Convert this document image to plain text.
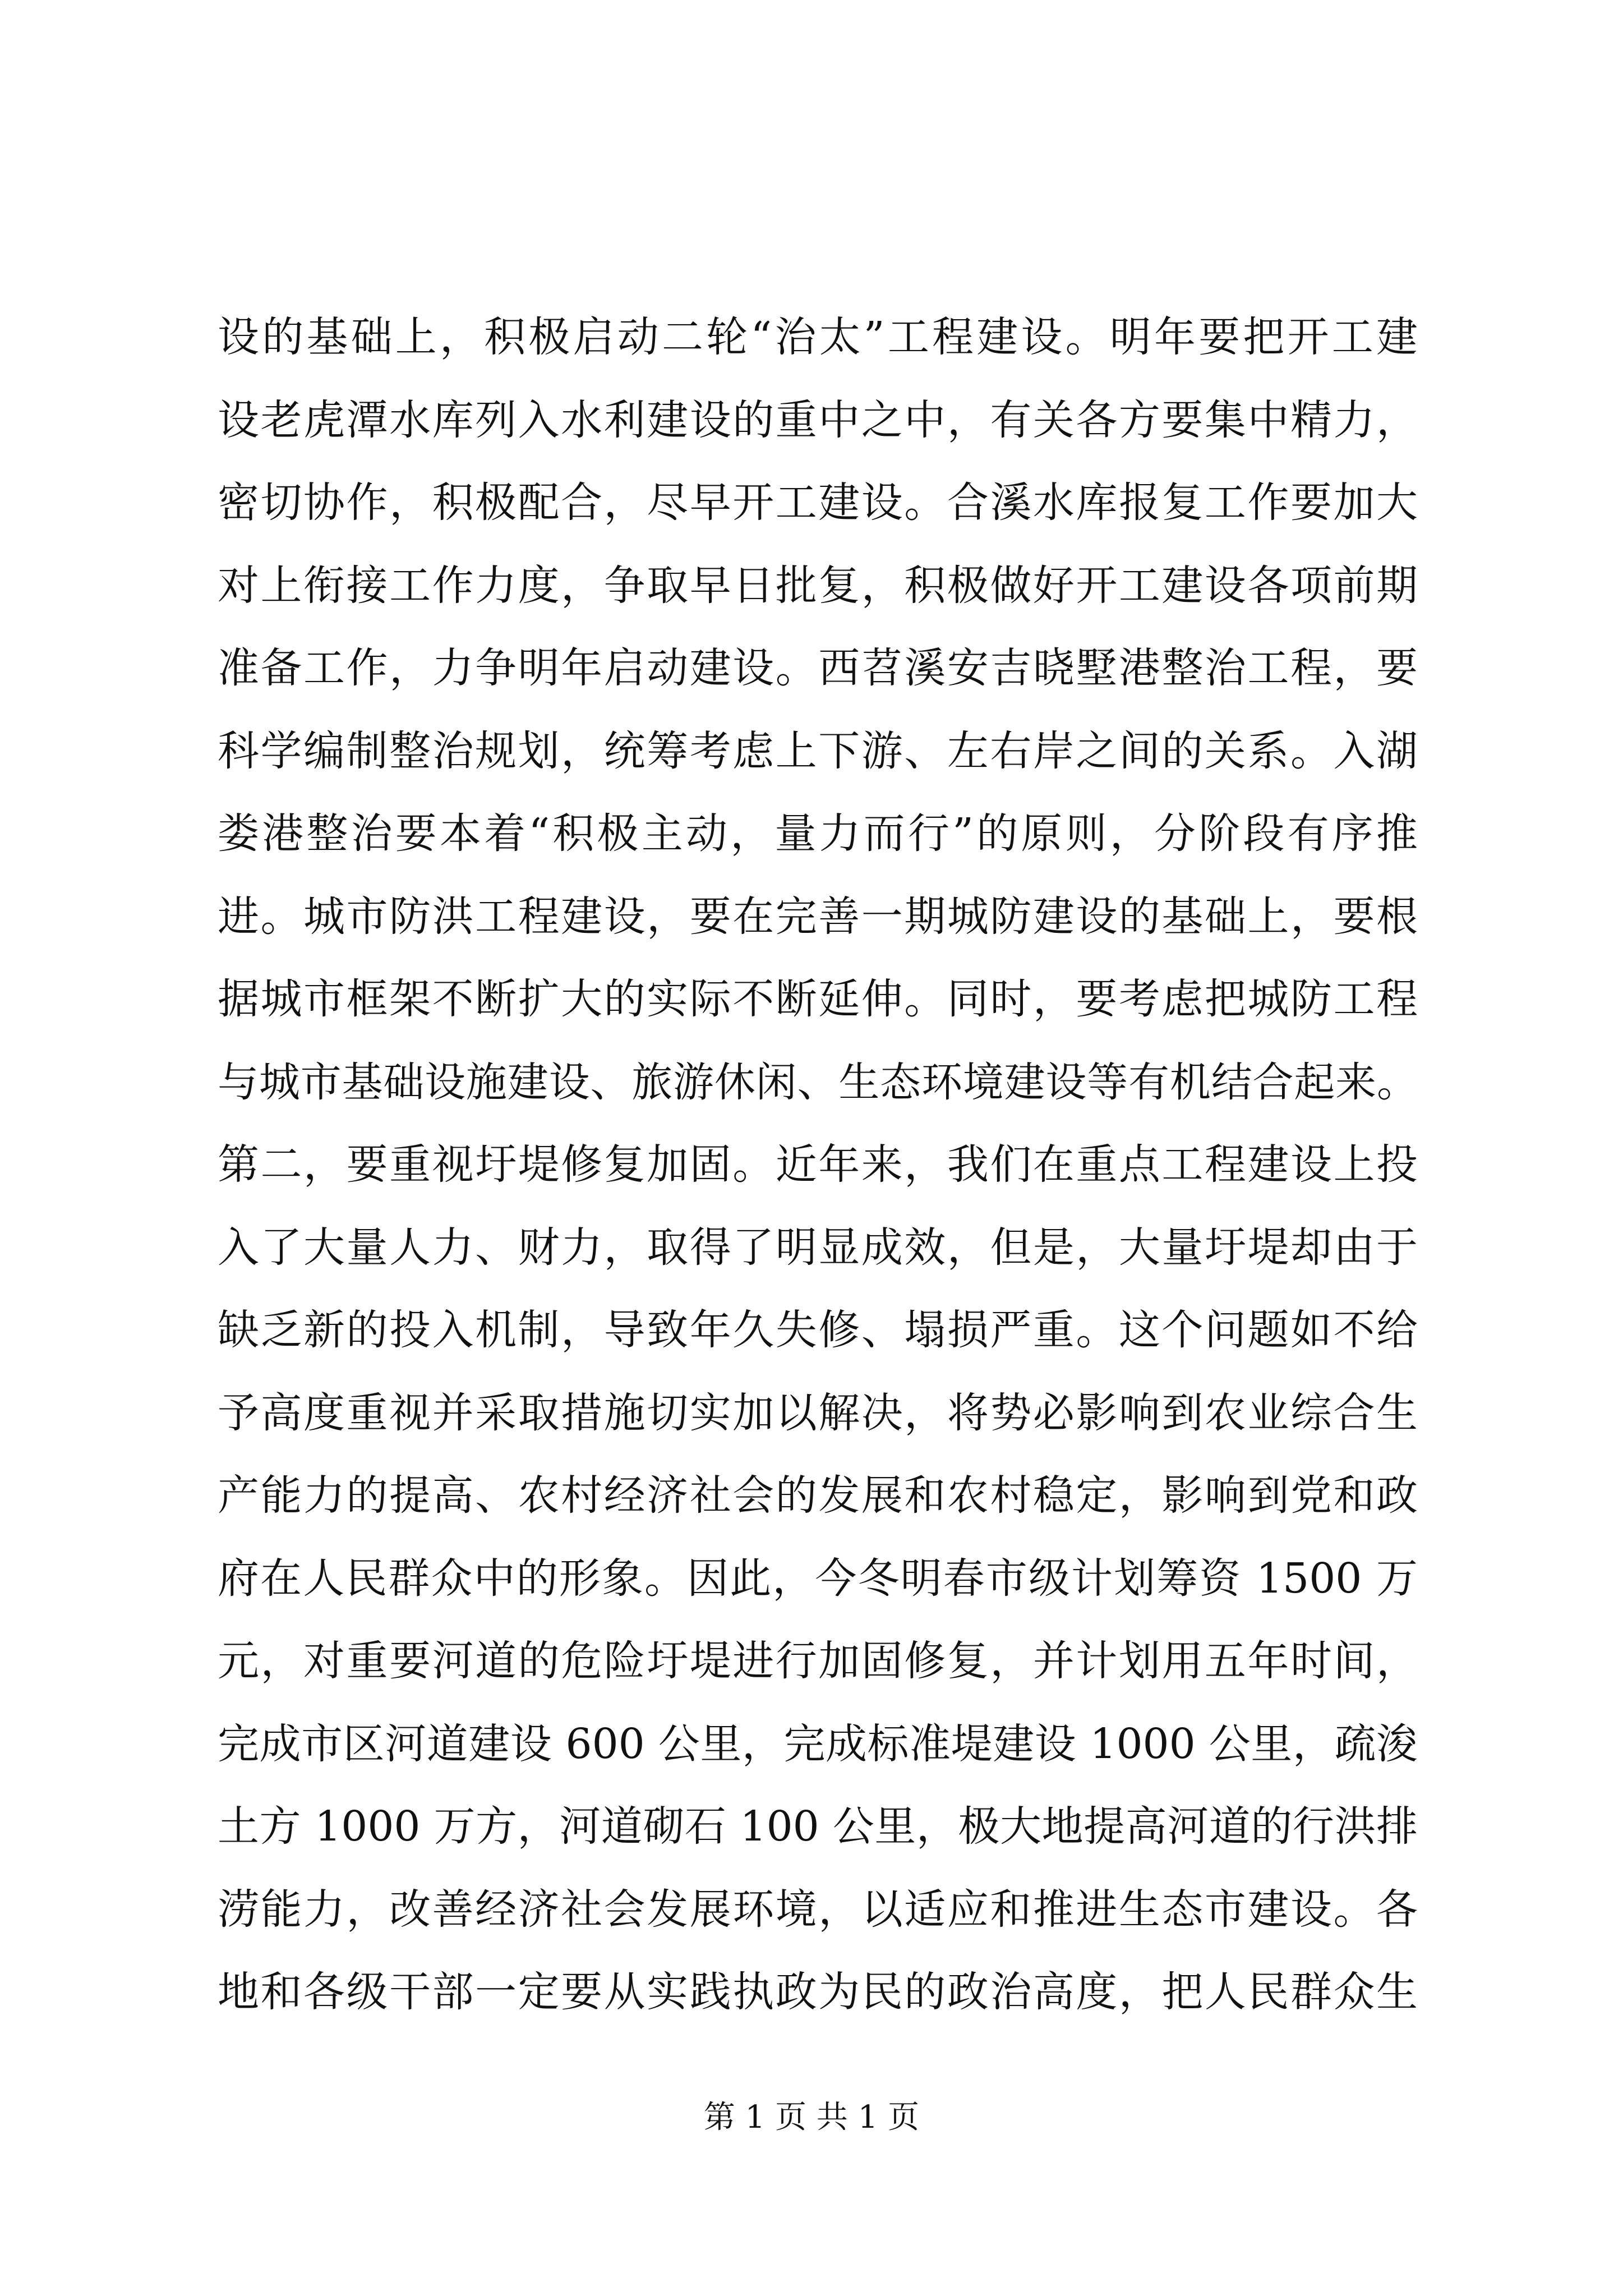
设的基础上，积极启动二轮“治太”工程建设。明年要把开工建
设老虎潭水库列入水利建设的重中之中，有关各方要集中精力，
密切协作，积极配合，尽早开工建设。合溪水库报复工作要加大
对上衔接工作力度，争取早日批复，积极做好开工建设各项前期
准备工作，力争明年启动建设。西苕溪安吉晓墅港整治工程，要
科学编制整治规划，统筹考虑上下游、左右岸之间的关系。入湖
娄港整治要本着“积极主动，量力而行”的原则，分阶段有序推
进。城市防洪工程建设，要在完善一期城防建设的基础上，要根
据城市框架不断扩大的实际不断延伸。同时，要考虑把城防工程
与城市基础设施建设、旅游休闲、生态环境建设等有机结合起来。
第二，要重视圩堤修复加固。近年来，我们在重点工程建设上投
入了大量人力、财力，取得了明显成效，但是，大量圩堤却由于
缺乏新的投入机制，导致年久失修、塌损严重。这个问题如不给
予高度重视并采取措施切实加以解决，将势必影响到农业综合生
产能力的提高、农村经济社会的发展和农村稳定，影响到党和政
府在人民群众中的形象。因此，今冬明春市级计划筹资 1500 万
元，对重要河道的危险圩堤进行加固修复，并计划用五年时间，
完成市区河道建设 600 公里，完成标准堤建设 1000 公里，疏浚
土方 1000 万方，河道砌石 100 公里，极大地提高河道的行洪排
涝能力，改善经济社会发展环境，以适应和推进生态市建设。各
地和各级干部一定要从实践执政为民的政治高度，把人民群众生
第 1 页 共 1 页
